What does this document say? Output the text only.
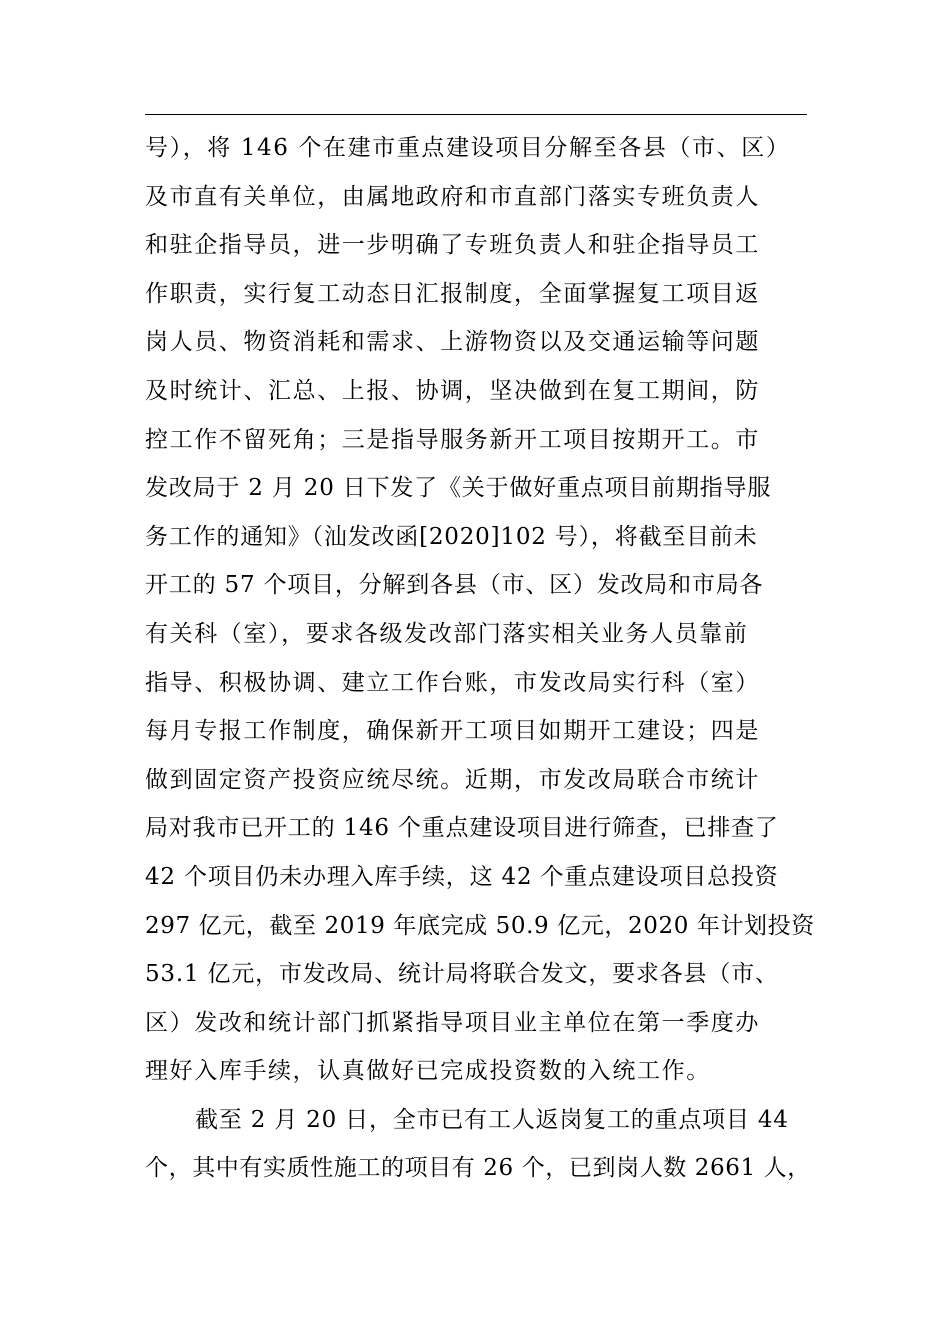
号），将 146 个在建市重点建设项目分解至各县（市、区）
及市直有关单位，由属地政府和市直部门落实专班负责人
和驻企指导员，进一步明确了专班负责人和驻企指导员工
作职责，实行复工动态日汇报制度，全面掌握复工项目返
岗人员、物资消耗和需求、上游物资以及交通运输等问题
及时统计、汇总、上报、协调，坚决做到在复工期间，防
控工作不留死角；三是指导服务新开工项目按期开工。市
发改局于 2 月 20 日下发了《关于做好重点项目前期指导服
务工作的通知》（汕发改函[2020]102 号），将截至目前未
开工的 57 个项目，分解到各县（市、区）发改局和市局各
有关科（室），要求各级发改部门落实相关业务人员靠前
指导、积极协调、建立工作台账，市发改局实行科（室）
每月专报工作制度，确保新开工项目如期开工建设；四是
做到固定资产投资应统尽统。近期，市发改局联合市统计
局对我市已开工的 146 个重点建设项目进行筛查，已排查了
42 个项目仍未办理入库手续，这 42 个重点建设项目总投资
297 亿元，截至 2019 年底完成 50.9 亿元，2020 年计划投资
53.1 亿元，市发改局、统计局将联合发文，要求各县（市、
区）发改和统计部门抓紧指导项目业主单位在第一季度办
理好入库手续，认真做好已完成投资数的入统工作。
截至 2 月 20 日，全市已有工人返岗复工的重点项目 44
个，其中有实质性施工的项目有 26 个，已到岗人数 2661 人，
